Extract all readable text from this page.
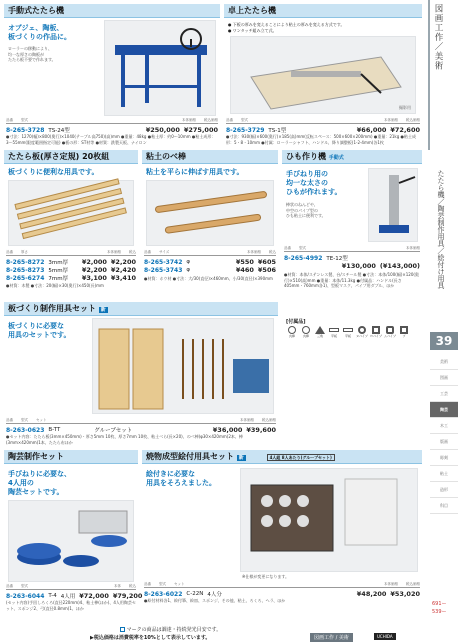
手動式たたら機
オブジェ、陶板、
板づくりの作品に。
ローラーの移動により、
均一な厚さの陶板が
たたら板不要で作れます。
品番 型式	本体価格 税込価格
8-265-3728 TS-24型	¥250,000 ¥275,000
●寸法：1270(幅)×800(奥行)×1040(テーブル高750)(高)mm ●重量：48kg ●粘土厚：約0〜10mm ●粘土成形：3〜55mm(限度範囲指定可能) ●板の形：ST材等 ●材質：鉄製天板、ナイロン
卓上たたら機
● 下板の厚みを変えることにより粘土の厚みを変える方式です。
● ワンタッチ組み立て式。
撮影用
品番 型式	本体価格 税込価格
8-265-3729 TS-1型	¥66,000 ¥72,600
●寸法：930(幅)×600(奥行)×185(高)mm(反転スペース：500×600×200mm) ●重量：21kg ●粘土成形：5・8・10mm ●付属：ローラーシャフト、ハンドル、降り調整板(1-2-4mm)各1枚
たたら板(厚さ定規) 20枚組
板づくりに便利な用具です。
品番 厚さ	本体価格 税込
8-265-8272 3mm厚 ¥2,000 ¥2,200
8-265-8273 5mm厚 ¥2,200 ¥2,420
8-265-6274 7mm厚 ¥3,100 ¥3,410
●材質：木製 ●寸法：20(幅)×30(奥行)×450(長)mm
粘土のべ棒
粘土を平らに伸ばす用具です。
品番 サイズ	本体価格 税込
8-265-3742 φ	¥550 ¥605
8-265-3743 φ	¥460 ¥506
●材質：ホウ材 ●寸法：大/30(直径)×460mm、小/30(直径)×390mm
ひも作り機 手動式
手びねり用の
均一な太さの
ひもが作れます。
棒状のねんどや、
中空のパイプ型の
ひも粘土に便利です。
品番 型式	本体価格
8-265-4992 TE-12型
¥130,000 (¥143,000)
●材質：本体/ステンレス製、台/スチール製 ●寸法：本体/100(幅)×120(奥行)×510(高)mm ●重量：本体/11.3kg ●付属品：ハンドル(長さ405mm・760mm各1)、型板マスク、パイプ用ダブル、ほか
[付属品]
丸棒	丸棒	三角	平板	平板	ヌバイプ ロバイプ ムバイプ	プ
板づくり制作用具セット 新
板づくりに必要な
用具のセットです。
品番 型式 セット	本体価格 税込価格
8-263-0623 B-TT	グループセット	¥36,000 ¥39,600
●セット内容：たたら板(3mm×450mm)・厚さ5mm 10枚、厚さ7mm 10枚、粘土べら(長×20)、のべ棒(φ30×420mm)2本、棒(3mm×420mm)1本、たたら布ほか
陶芸制作セット
手びねりに必要な、
4人用の
陶芸セットです。
品番 型式	本体 税込
8-263-6044 T-4 4人用 ¥72,000 ¥79,200
(セット内容)手回しろくろ(直径220mm)4、粘土棒(ほか)、4人用陶芸セット、スポンジ2、弓(直径0.8mm)1、ほか
焼物成型絵付用具セット 新	4人組 8人あたり(グループセット)
絵付きに必要な
用具をそろえました。
※仕様が変更になります。
品番 型式 セット	本体価格 税込価格
8-263-6022 C-22N 4人分	¥48,200 ¥53,020
●絵付材料各1、絵付筆、絵皿、スポンジ、その他、粘土、ろくろ、ヘラ、ほか
図画工作／美術
たたら機／陶芸制作用具／絵付け用具
39
美術
図画
工芸
陶芸
木工
版画
彫刻
粘土
造形
科目
691ー
539ー
マークの商品は調達・持続発光目安です。
▶税込価格は消費税率を10%として表示しています。	図画工作 / 美術	UCHIDA
